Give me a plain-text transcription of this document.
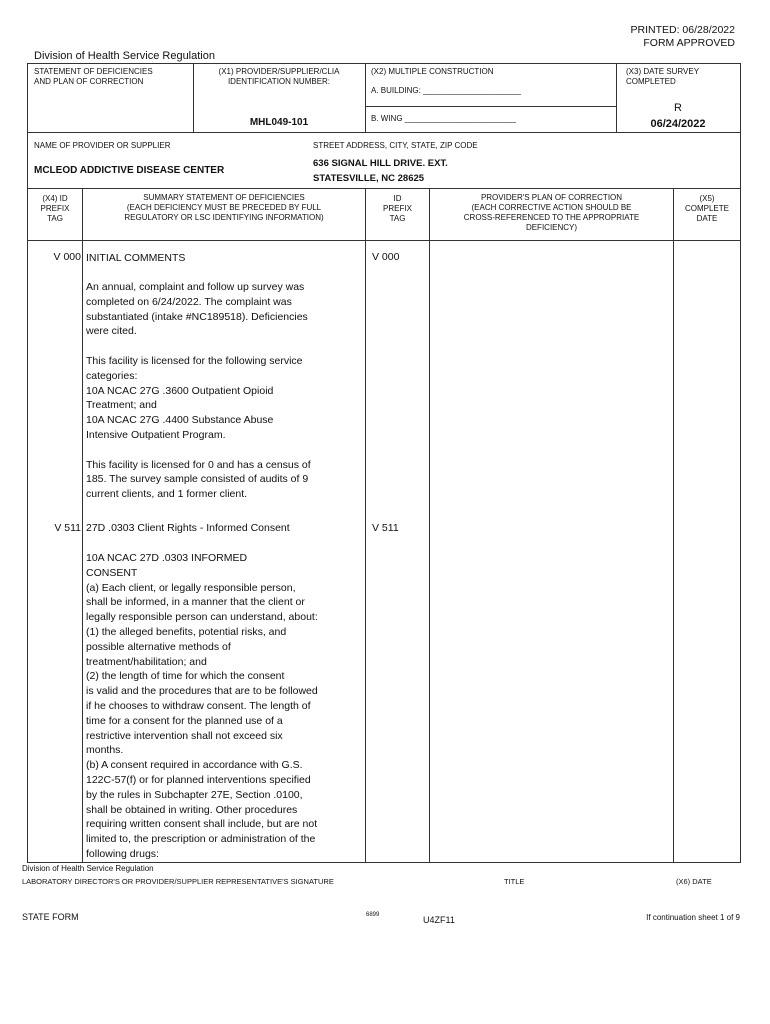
PRINTED: 06/28/2022
FORM APPROVED
Division of Health Service Regulation
STATEMENT OF DEFICIENCIES
AND PLAN OF CORRECTION
(X1) PROVIDER/SUPPLIER/CLIA
IDENTIFICATION NUMBER:
MHL049-101
(X2) MULTIPLE CONSTRUCTION
A. BUILDING: ______________________
B. WING _________________________
(X3) DATE SURVEY
COMPLETED
R
06/24/2022
NAME OF PROVIDER OR SUPPLIER
MCLEOD ADDICTIVE DISEASE CENTER
STREET ADDRESS, CITY, STATE, ZIP CODE
636 SIGNAL HILL DRIVE. EXT.
STATESVILLE, NC 28625
(X4) ID
PREFIX
TAG
SUMMARY STATEMENT OF DEFICIENCIES
(EACH DEFICIENCY MUST BE PRECEDED BY FULL
REGULATORY OR LSC IDENTIFYING INFORMATION)
ID
PREFIX
TAG
PROVIDER'S PLAN OF CORRECTION
(EACH CORRECTIVE ACTION SHOULD BE
CROSS-REFERENCED TO THE APPROPRIATE
DEFICIENCY)
(X5)
COMPLETE
DATE
V 000	V 000
INITIAL COMMENTS
An annual, complaint and follow up survey was
completed on 6/24/2022. The complaint was
substantiated (intake #NC189518). Deficiencies
were cited.

This facility is licensed for the following service
categories:
10A NCAC 27G .3600 Outpatient Opioid
Treatment; and
10A NCAC 27G .4400 Substance Abuse
Intensive Outpatient Program.

This facility is licensed for 0 and has a census of
185. The survey sample consisted of audits of 9
current clients, and 1 former client.
V 511	V 511
27D .0303 Client Rights - Informed Consent
10A NCAC 27D .0303 INFORMED
CONSENT
(a) Each client, or legally responsible person,
shall be informed, in a manner that the client or
legally responsible person can understand, about:
(1) the alleged benefits, potential risks, and
possible alternative methods of
treatment/habilitation; and
(2) the length of time for which the consent
is valid and the procedures that are to be followed
if he chooses to withdraw consent. The length of
time for a consent for the planned use of a
restrictive intervention shall not exceed six
months.
(b) A consent required in accordance with G.S.
122C-57(f) or for planned interventions specified
by the rules in Subchapter 27E, Section .0100,
shall be obtained in writing. Other procedures
requiring written consent shall include, but are not
limited to, the prescription or administration of the
following drugs:
Division of Health Service Regulation
LABORATORY DIRECTOR'S OR PROVIDER/SUPPLIER REPRESENTATIVE'S SIGNATURE	TITLE	(X6) DATE
STATE FORM	6899	U4ZF11	If continuation sheet 1 of 9
